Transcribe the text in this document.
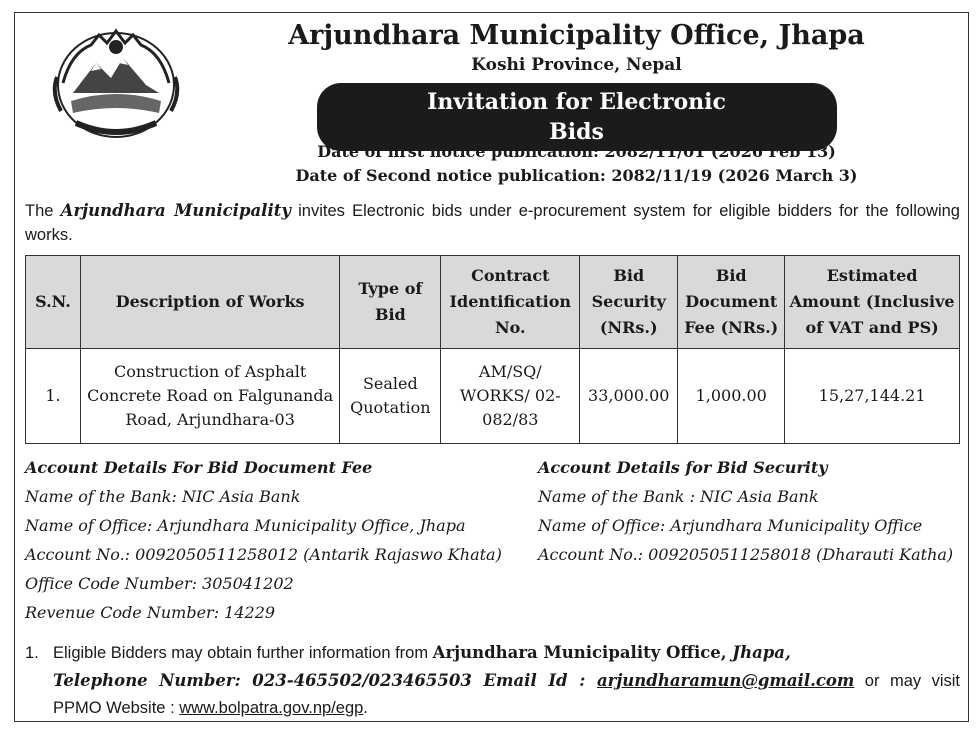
Arjundhara Municipality Office, Jhapa
Koshi Province, Nepal
Invitation for Electronic Bids
Date of first notice publication: 2082/11/01 (2026 Feb 13)
Date of Second notice publication: 2082/11/19 (2026 March 3)
The Arjundhara Municipality invites Electronic bids under e-procurement system for eligible bidders for the following works.
S.N.	Description of Works	Type of Bid	Contract Identification No.	Bid Security (NRs.)	Bid Document Fee (NRs.)	Estimated Amount (Inclusive of VAT and PS)
1.	Construction of Asphalt Concrete Road on Falgunanda Road, Arjundhara-03	Sealed Quotation	AM/SQ/ WORKS/ 02-082/83	33,000.00	1,000.00	15,27,144.21
Account Details For Bid Document Fee
Name of the Bank: NIC Asia Bank
Name of Office: Arjundhara Municipality Office, Jhapa
Account No.: 0092050511258012 (Antarik Rajaswo Khata)
Office Code Number: 305041202
Revenue Code Number: 14229
Account Details for Bid Security
Name of the Bank : NIC Asia Bank
Name of Office: Arjundhara Municipality Office
Account No.: 0092050511258018 (Dharauti Katha)
1. Eligible Bidders may obtain further information from Arjundhara Municipality Office, Jhapa,
Telephone Number: 023-465502/023465503 Email Id : arjundharamun@gmail.com or may visit PPMO Website : www.bolpatra.gov.np/egp.
